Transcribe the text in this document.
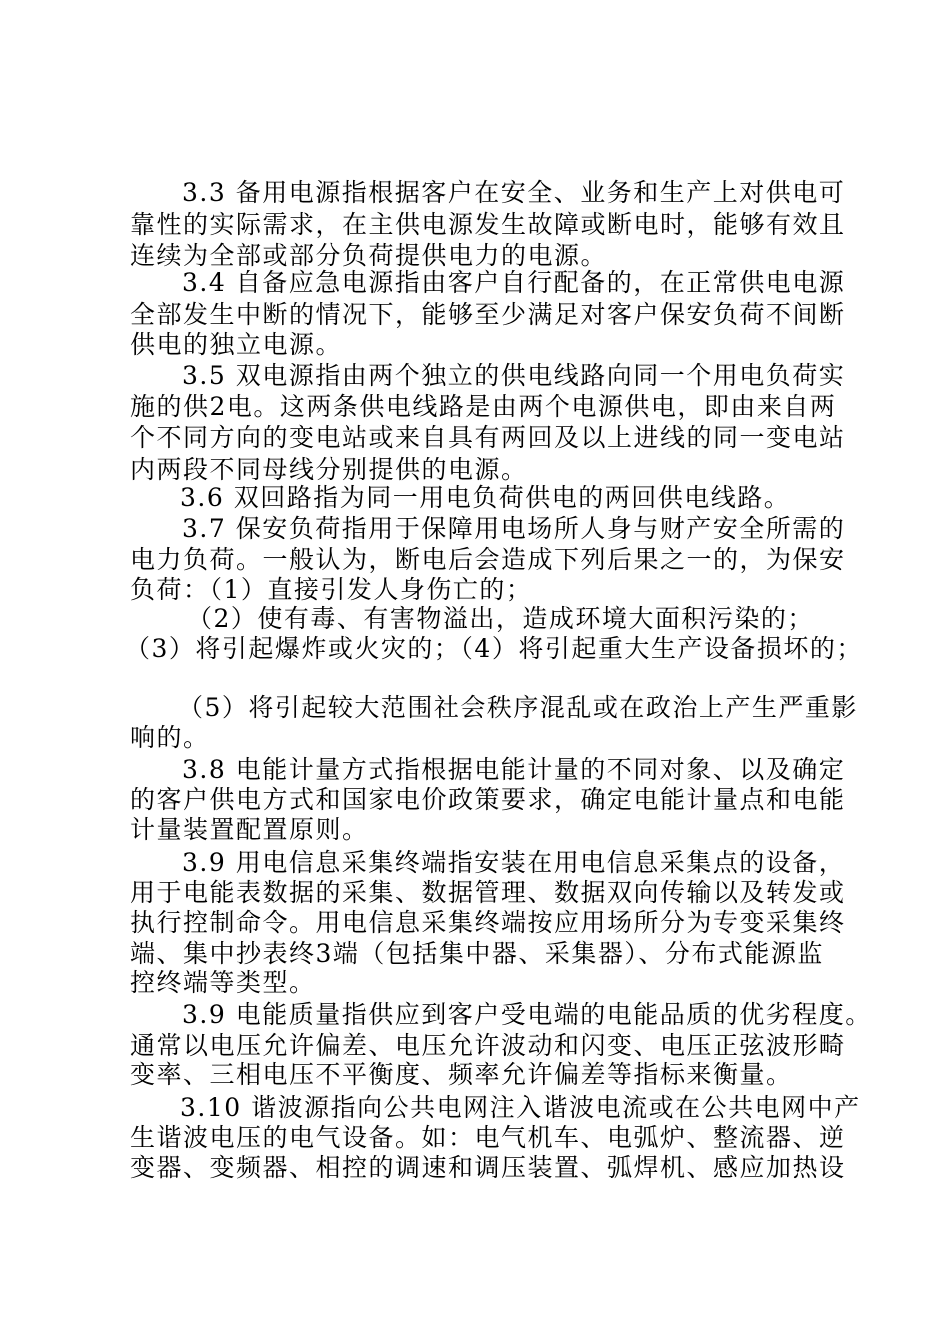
3.3 备用电源指根据客户在安全、业务和生产上对供电可
靠性的实际需求，在主供电源发生故障或断电时，能够有效且
连续为全部或部分负荷提供电力的电源。
3.4 自备应急电源指由客户自行配备的，在正常供电电源
全部发生中断的情况下，能够至少满足对客户保安负荷不间断
供电的独立电源。
3.5 双电源指由两个独立的供电线路向同一个用电负荷实
施的供2电。这两条供电线路是由两个电源供电，即由来自两
个不同方向的变电站或来自具有两回及以上进线的同一变电站
内两段不同母线分别提供的电源。
3.6 双回路指为同一用电负荷供电的两回供电线路。
3.7 保安负荷指用于保障用电场所人身与财产安全所需的
电力负荷。一般认为，断电后会造成下列后果之一的，为保安
负荷：（1）直接引发人身伤亡的；
（2）使有毒、有害物溢出，造成环境大面积污染的；
（3）将引起爆炸或火灾的；（4）将引起重大生产设备损坏的；
（5）将引起较大范围社会秩序混乱或在政治上产生严重影
响的。
3.8 电能计量方式指根据电能计量的不同对象、以及确定
的客户供电方式和国家电价政策要求，确定电能计量点和电能
计量装置配置原则。
3.9 用电信息采集终端指安装在用电信息采集点的设备，
用于电能表数据的采集、数据管理、数据双向传输以及转发或
执行控制命令。用电信息采集终端按应用场所分为专变采集终
端、集中抄表终3端（包括集中器、采集器）、分布式能源监
控终端等类型。
3.9 电能质量指供应到客户受电端的电能品质的优劣程度。
通常以电压允许偏差、电压允许波动和闪变、电压正弦波形畸
变率、三相电压不平衡度、频率允许偏差等指标来衡量。
3.10 谐波源指向公共电网注入谐波电流或在公共电网中产
生谐波电压的电气设备。如：电气机车、电弧炉、整流器、逆
变器、变频器、相控的调速和调压装置、弧焊机、感应加热设
